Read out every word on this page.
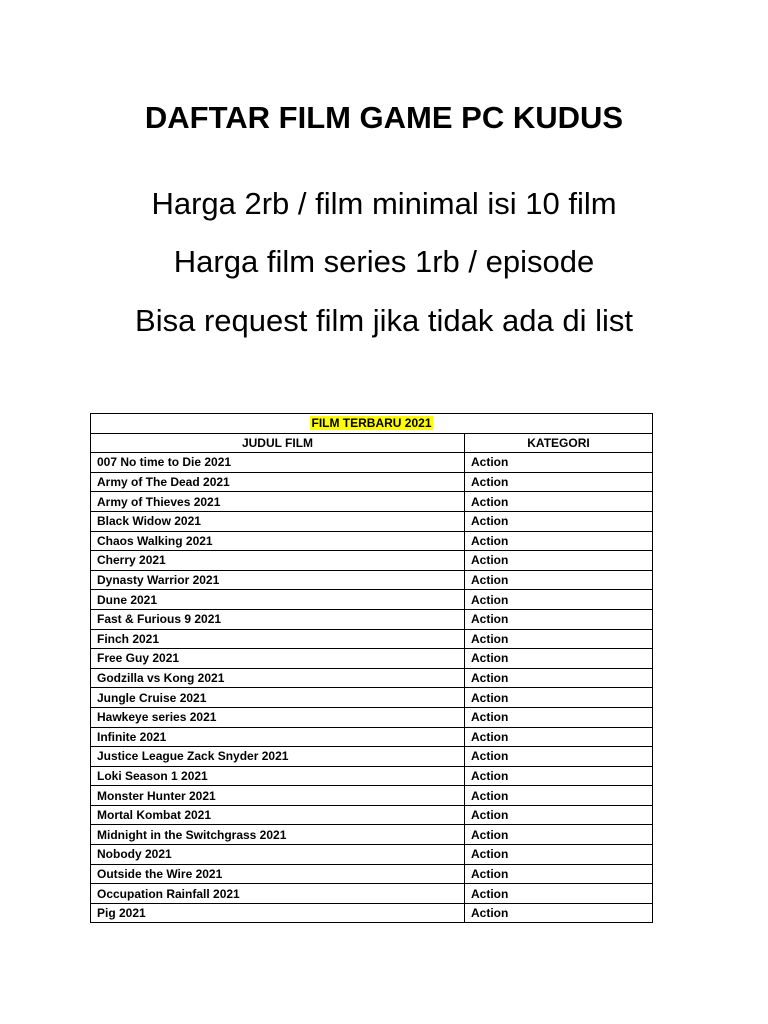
DAFTAR FILM GAME PC KUDUS
Harga 2rb / film minimal isi 10 film
Harga film series 1rb / episode
Bisa request film jika tidak ada di list
FILM TERBARU 2021	
JUDUL FILM	KATEGORI
007 No time to Die 2021	Action
Army of The Dead 2021	Action
Army of Thieves 2021	Action
Black Widow 2021	Action
Chaos Walking 2021	Action
Cherry 2021	Action
Dynasty Warrior 2021	Action
Dune 2021	Action
Fast & Furious 9 2021	Action
Finch 2021	Action
Free Guy 2021	Action
Godzilla vs Kong 2021	Action
Jungle Cruise 2021	Action
Hawkeye series 2021	Action
Infinite 2021	Action
Justice League Zack Snyder 2021	Action
Loki Season 1 2021	Action
Monster Hunter 2021	Action
Mortal Kombat 2021	Action
Midnight in the Switchgrass 2021	Action
Nobody 2021	Action
Outside the Wire 2021	Action
Occupation Rainfall 2021	Action
Pig 2021	Action
